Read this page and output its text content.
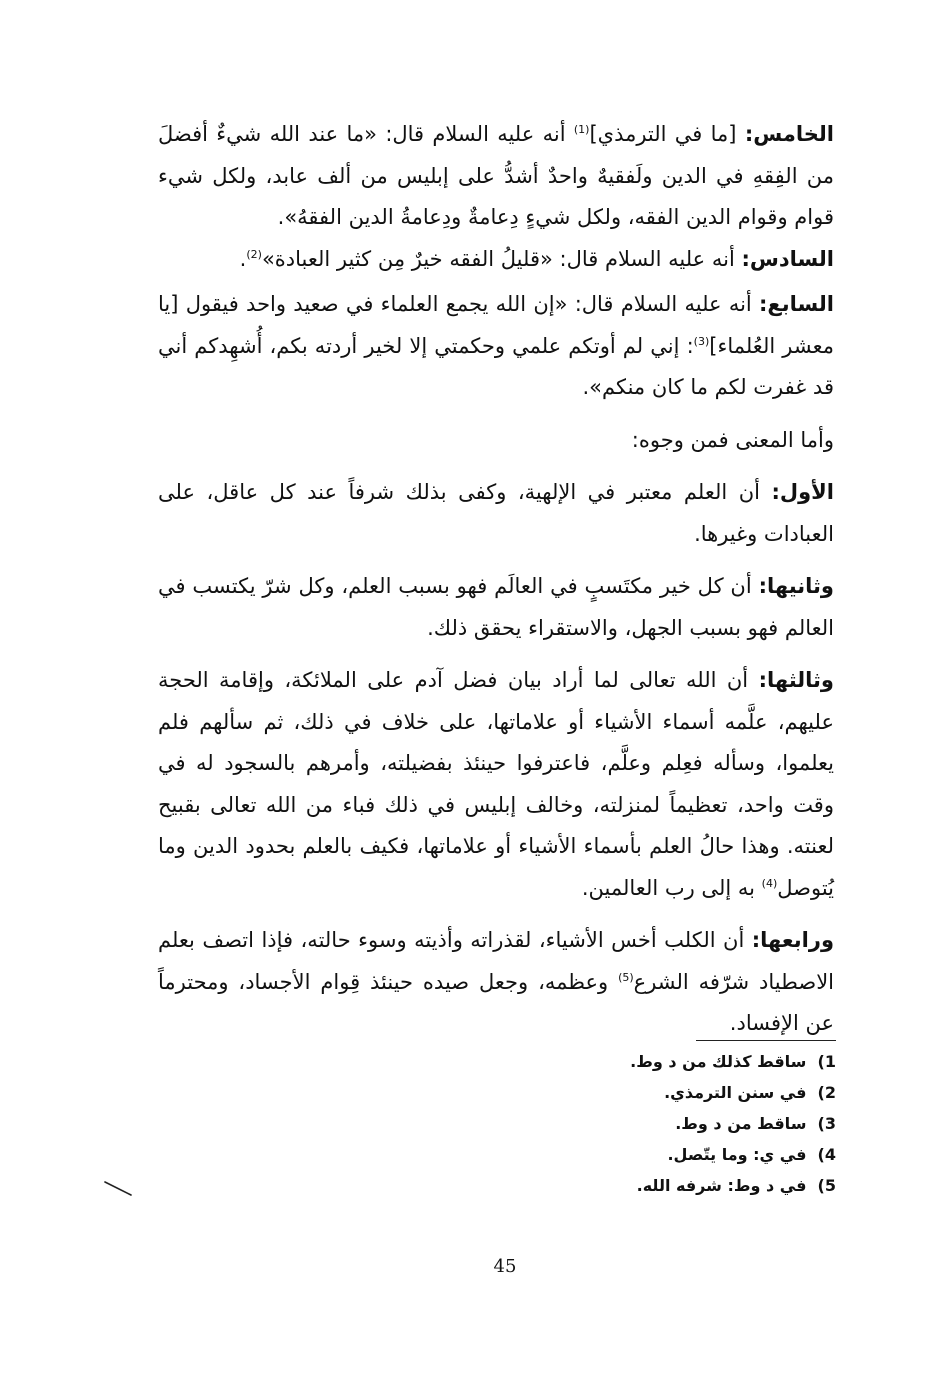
الخامس: [ما في الترمذي]$^{(1)}$ أنه عليه السلام قال: «ما عند الله شيءٌ أفضلَ من الفِقهِ في الدين ولَفقيهٌ واحدٌ أشدُّ على إبليس من ألف عابد، ولكل شيء قوام وقوام الدين الفقه، ولكل شيءٍ دِعامةٌ ودِعامةُ الدين الفقهُ».

السادس: أنه عليه السلام قال: «قليلُ الفقه خيرٌ مِن كثير العبادة»$^{(2)}$.

السابع: أنه عليه السلام قال: «إن الله يجمع العلماء في صعيد واحد فيقول [يا معشر العُلماء]$^{(3)}$: إني لم أوتكم علمي وحكمتي إلا لخير أردته بكم، أُشهِدكم أني قد غفرت لكم ما كان منكم».

وأما المعنى فمن وجوه:

الأول: أن العلم معتبر في الإلهية، وكفى بذلك شرفاً عند كل عاقل، على العبادات وغيرها.

وثانيها: أن كل خير مكتَسبٍ في العالَم فهو بسبب العلم، وكل شرّ يكتسب في العالم فهو بسبب الجهل، والاستقراء يحقق ذلك.

وثالثها: أن الله تعالى لما أراد بيان فضل آدم على الملائكة، وإقامة الحجة عليهم، علَّمه أسماء الأشياء أو علاماتها، على خلاف في ذلك، ثم سألهم فلم يعلموا، وسأله فعِلم وعلَّم، فاعترفوا حينئذ بفضيلته، وأمرهم بالسجود له في وقت واحد، تعظيماً لمنزلته، وخالف إبليس في ذلك فباء من الله تعالى بقبيح لعنته. وهذا حالُ العلم بأسماء الأشياء أو علاماتها، فكيف بالعلم بحدود الدين وما يُتوصل$^{(4)}$ به إلى رب العالمين.

ورابعها: أن الكلب أخس الأشياء، لقذراته وأذيته وسوء حالته، فإذا اتصف بعلم الاصطياد شرّفه الشرع$^{(5)}$ وعظمه، وجعل صيده حينئذ قِوام الأجساد، ومحترماً عن الإفساد.

1) ساقط كذلك من د وط.
2) في سنن الترمذي.
3) ساقط من د وط.
4) في ي: وما يتّصل.
5) في د وط: شرفه الله.
45
